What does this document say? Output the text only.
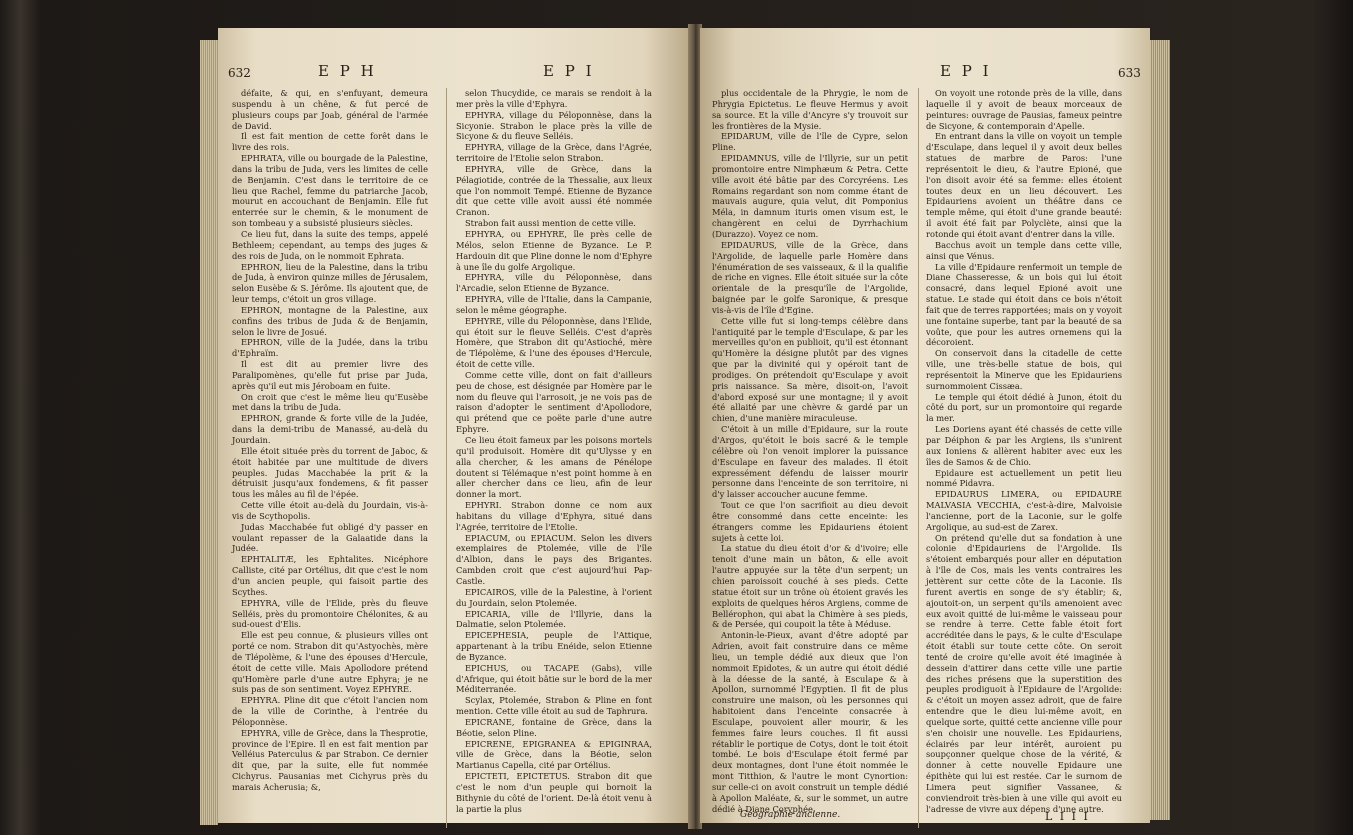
632	E P H	E P I

défaite, & qui, en s'enfuyant, demeura suspendu à un chêne, & fut percé de plusieurs coups par Joab, général de l'armée de David.

Il est fait mention de cette forêt dans le livre des rois.

EPHRATA, ville ou bourgade de la Palestine, dans la tribu de Juda, vers les limites de celle de Benjamin. C'est dans le territoire de ce lieu que Rachel, femme du patriarche Jacob, mourut en accouchant de Benjamin. Elle fut enterrée sur le chemin, & le monument de son tombeau y a subsisté plusieurs siècles.

Ce lieu fut, dans la suite des temps, appelé Bethleem; cependant, au temps des juges & des rois de Juda, on le nommoit Ephrata.

EPHRON, lieu de la Palestine, dans la tribu de Juda, à environ quinze milles de Jérusalem, selon Eusèbe & S. Jérôme. Ils ajoutent que, de leur temps, c'étoit un gros village.

EPHRON, montagne de la Palestine, aux confins des tribus de Juda & de Benjamin, selon le livre de Josué.

EPHRON, ville de la Judée, dans la tribu d'Ephraïm.

Il est dit au premier livre des Paralipomènes, qu'elle fut prise par Juda, après qu'il eut mis Jéroboam en fuite.

On croit que c'est le même lieu qu'Eusèbe met dans la tribu de Juda.

EPHRON, grande & forte ville de la Judée, dans la demi-tribu de Manassé, au-delà du Jourdain.

Elle étoit située près du torrent de Jaboc, & étoit habitée par une multitude de divers peuples. Judas Macchabée la prit & la détruisit jusqu'aux fondemens, & fit passer tous les mâles au fil de l'épée.

Cette ville étoit au-delà du Jourdain, vis-à-vis de Scythopolis.

Judas Macchabée fut obligé d'y passer en voulant repasser de la Galaatide dans la Judée.

EPHTALITÆ, les Ephtalites. Nicéphore Calliste, cité par Ortélius, dit que c'est le nom d'un ancien peuple, qui faisoit partie des Scythes.

EPHYRA, ville de l'Elide, près du fleuve Selléis, près du promontoire Chélonites, & au sud-ouest d'Elis.

Elle est peu connue, & plusieurs villes ont porté ce nom. Strabon dit qu'Astyochès, mère de Tlépolème, & l'une des épouses d'Hercule, étoit de cette ville. Mais Apollodore prétend qu'Homère parle d'une autre Ephyra; je ne suis pas de son sentiment. Voyez EPHYRE.

EPHYRA. Pline dit que c'étoit l'ancien nom de la ville de Corinthe, à l'entrée du Péloponnèse.

EPHYRA, ville de Grèce, dans la Thesprotie, province de l'Epire. Il en est fait mention par Velléius Paterculus & par Strabon. Ce dernier dit que, par la suite, elle fut nommée Cichyrus. Pausanias met Cichyrus près du marais Acherusia; &,

selon Thucydide, ce marais se rendoit à la mer près la ville d'Ephyra.

EPHYRA, village du Péloponnèse, dans la Sicyonie. Strabon le place près la ville de Sicyone & du fleuve Selléis.

EPHYRA, village de la Grèce, dans l'Agrée, territoire de l'Etolie selon Strabon.

EPHYRA, ville de Grèce, dans la Pélagiotide, contrée de la Thessalie, aux lieux que l'on nommoit Tempé. Etienne de Byzance dit que cette ville avoit aussi été nommée Cranon.

Strabon fait aussi mention de cette ville.

EPHYRA, ou EPHYRE, île près celle de Mélos, selon Etienne de Byzance. Le P. Hardouin dit que Pline donne le nom d'Ephyre à une île du golfe Argolique.

EPHYRA, ville du Péloponnèse, dans l'Arcadie, selon Etienne de Byzance.

EPHYRA, ville de l'Italie, dans la Campanie, selon le même géographe.

EPHYRE, ville du Péloponnèse, dans l'Elide, qui étoit sur le fleuve Selléis. C'est d'après Homère, que Strabon dit qu'Astioché, mère de Tlépolème, & l'une des épouses d'Hercule, étoit de cette ville.

Comme cette ville, dont on fait d'ailleurs peu de chose, est désignée par Homère par le nom du fleuve qui l'arrosoit, je ne vois pas de raison d'adopter le sentiment d'Apollodore, qui prétend que ce poëte parle d'une autre Ephyre.

Ce lieu étoit fameux par les poisons mortels qu'il produisoit. Homère dit qu'Ulysse y en alla chercher, & les amans de Pénélope doutent si Télémaque n'est point homme à en aller chercher dans ce lieu, afin de leur donner la mort.

EPHYRI. Strabon donne ce nom aux habitans du village d'Ephyra, situé dans l'Agrée, territoire de l'Etolie.

EPIACUM, ou EPIACUM. Selon les divers exemplaires de Ptolemée, ville de l'île d'Albion, dans le pays des Brigantes. Cambden croit que c'est aujourd'hui Pap-Castle.

EPICAIROS, ville de la Palestine, à l'orient du Jourdain, selon Ptolemée.

EPICARIA, ville de l'Illyrie, dans la Dalmatie, selon Ptolemée.

EPICEPHESIA, peuple de l'Attique, appartenant à la tribu Enéide, selon Etienne de Byzance.

EPICHUS, ou TACAPE (Gabs), ville d'Afrique, qui étoit bâtie sur le bord de la mer Méditerranée.

Scylax, Ptolemée, Strabon & Pline en font mention. Cette ville étoit au sud de Taphrura.

EPICRANE, fontaine de Grèce, dans la Béotie, selon Pline.

EPICRENE, EPIGRANEA & EPIGINRAA, ville de Grèce, dans la Béotie, selon Martianus Capella, cité par Ortélius.

EPICTETI, EPICTETUS. Strabon dit que c'est le nom d'un peuple qui bornoit la Bithynie du côté de l'orient. De-là étoit venu à la partie la plus

E P I	633

plus occidentale de la Phrygie, le nom de Phrygia Epictetus. Le fleuve Hermus y avoit sa source. Et la ville d'Ancyre s'y trouvoit sur les frontières de la Mysie.

EPIDARUM, ville de l'île de Cypre, selon Pline.

EPIDAMNUS, ville de l'Illyrie, sur un petit promontoire entre Nimphæum & Petra. Cette ville avoit été bâtie par des Corcyréens. Les Romains regardant son nom comme étant de mauvais augure, quia velut, dit Pomponius Méla, in damnum ituris omen visum est, le changèrent en celui de Dyrrhachium (Durazzo). Voyez ce nom.

EPIDAURUS, ville de la Grèce, dans l'Argolide, de laquelle parle Homère dans l'énumération de ses vaisseaux, & il la qualifie de riche en vignes. Elle étoit située sur la côte orientale de la presqu'île de l'Argolide, baignée par le golfe Saronique, & presque vis-à-vis de l'île d'Egine.

Cette ville fut si long-temps célèbre dans l'antiquité par le temple d'Esculape, & par les merveilles qu'on en publioit, qu'il est étonnant qu'Homère la désigne plutôt par des vignes que par la divinité qui y opéroit tant de prodiges. On prétendoit qu'Esculape y avoit pris naissance. Sa mère, disoit-on, l'avoit d'abord exposé sur une montagne; il y avoit été allaité par une chèvre & gardé par un chien, d'une manière miraculeuse.

C'étoit à un mille d'Epidaure, sur la route d'Argos, qu'étoit le bois sacré & le temple célèbre où l'on venoit implorer la puissance d'Esculape en faveur des malades. Il étoit expressément défendu de laisser mourir personne dans l'enceinte de son territoire, ni d'y laisser accoucher aucune femme.

Tout ce que l'on sacrifioit au dieu devoit être consommé dans cette enceinte: les étrangers comme les Epidauriens étoient sujets à cette loi.

La statue du dieu étoit d'or & d'ivoire; elle tenoit d'une main un bâton, & elle avoit l'autre appuyée sur la tête d'un serpent; un chien paroissoit couché à ses pieds. Cette statue étoit sur un trône où étoient gravés les exploits de quelques héros Argiens, comme de Bellérophon, qui abat la Chimère à ses pieds, & de Persée, qui coupoit la tête à Méduse.

Antonin-le-Pieux, avant d'être adopté par Adrien, avoit fait construire dans ce même lieu, un temple dédié aux dieux que l'on nommoit Epidotes, & un autre qui étoit dédié à la déesse de la santé, à Esculape & à Apollon, surnommé l'Egyptien. Il fit de plus construire une maison, où les personnes qui habitoient dans l'enceinte consacrée à Esculape, pouvoient aller mourir, & les femmes faire leurs couches. Il fit aussi rétablir le portique de Cotys, dont le toit étoit tombé. Le bois d'Esculape étoit fermé par deux montagnes, dont l'une étoit nommée le mont Titthion, & l'autre le mont Cynortion: sur celle-ci on avoit construit un temple dédié à Apollon Maléate, &, sur le sommet, un autre dédié à Diane Coryphée.

Géographie ancienne.

On voyoit une rotonde près de la ville, dans laquelle il y avoit de beaux morceaux de peintures: ouvrage de Pausias, fameux peintre de Sicyone, & contemporain d'Apelle.

En entrant dans la ville on voyoit un temple d'Esculape, dans lequel il y avoit deux belles statues de marbre de Paros: l'une représentoit le dieu, & l'autre Epioné, que l'on disoit avoir été sa femme: elles étoient toutes deux en un lieu découvert. Les Epidauriens avoient un théâtre dans ce temple même, qui étoit d'une grande beauté: il avoit été fait par Polyclète, ainsi que la rotonde qui étoit avant d'entrer dans la ville.

Bacchus avoit un temple dans cette ville, ainsi que Vénus.

La ville d'Epidaure renfermoit un temple de Diane Chasseresse, & un bois qui lui étoit consacré, dans lequel Epioné avoit une statue. Le stade qui étoit dans ce bois n'étoit fait que de terres rapportées; mais on y voyoit une fontaine superbe, tant par la beauté de sa voûte, que pour les autres ornemens qui la décoroient.

On conservoit dans la citadelle de cette ville, une très-belle statue de bois, qui représentoit la Minerve que les Epidauriens surnommoient Cissæa.

Le temple qui étoit dédié à Junon, étoit du côté du port, sur un promontoire qui regarde la mer.

Les Doriens ayant été chassés de cette ville par Déiphon & par les Argiens, ils s'unirent aux Ioniens & allèrent habiter avec eux les îles de Samos & de Chio.

Epidaure est actuellement un petit lieu nommé Pidavra.

EPIDAURUS LIMERA, ou EPIDAURE MALVASIA VECCHIA, c'est-à-dire, Malvoisie l'ancienne, port de la Laconie, sur le golfe Argolique, au sud-est de Zarex.

On prétend qu'elle dut sa fondation à une colonie d'Epidauriens de l'Argolide. Ils s'étoient embarqués pour aller en députation à l'île de Cos, mais les vents contraires les jettèrent sur cette côte de la Laconie. Ils furent avertis en songe de s'y établir; &, ajoutoit-on, un serpent qu'ils amenoient avec eux avoit quitté de lui-même le vaisseau pour se rendre à terre. Cette fable étoit fort accréditée dans le pays, & le culte d'Esculape étoit établi sur toute cette côte. On seroit tenté de croire qu'elle avoit été imaginée à dessein d'attirer dans cette ville une partie des riches présens que la superstition des peuples prodiguoit à l'Epidaure de l'Argolide: & c'étoit un moyen assez adroit, que de faire entendre que le dieu lui-même avoit, en quelque sorte, quitté cette ancienne ville pour s'en choisir une nouvelle. Les Epidauriens, éclairés par leur intérêt, auroient pu soupçonner quelque chose de la vérité, & donner à cette nouvelle Epidaure une épithète qui lui est restée. Car le surnom de Limera peut signifier Vassanee, & conviendroit très-bien à une ville qui avoit eu l'adresse de vivre aux dépens d'une autre.

L I I I
